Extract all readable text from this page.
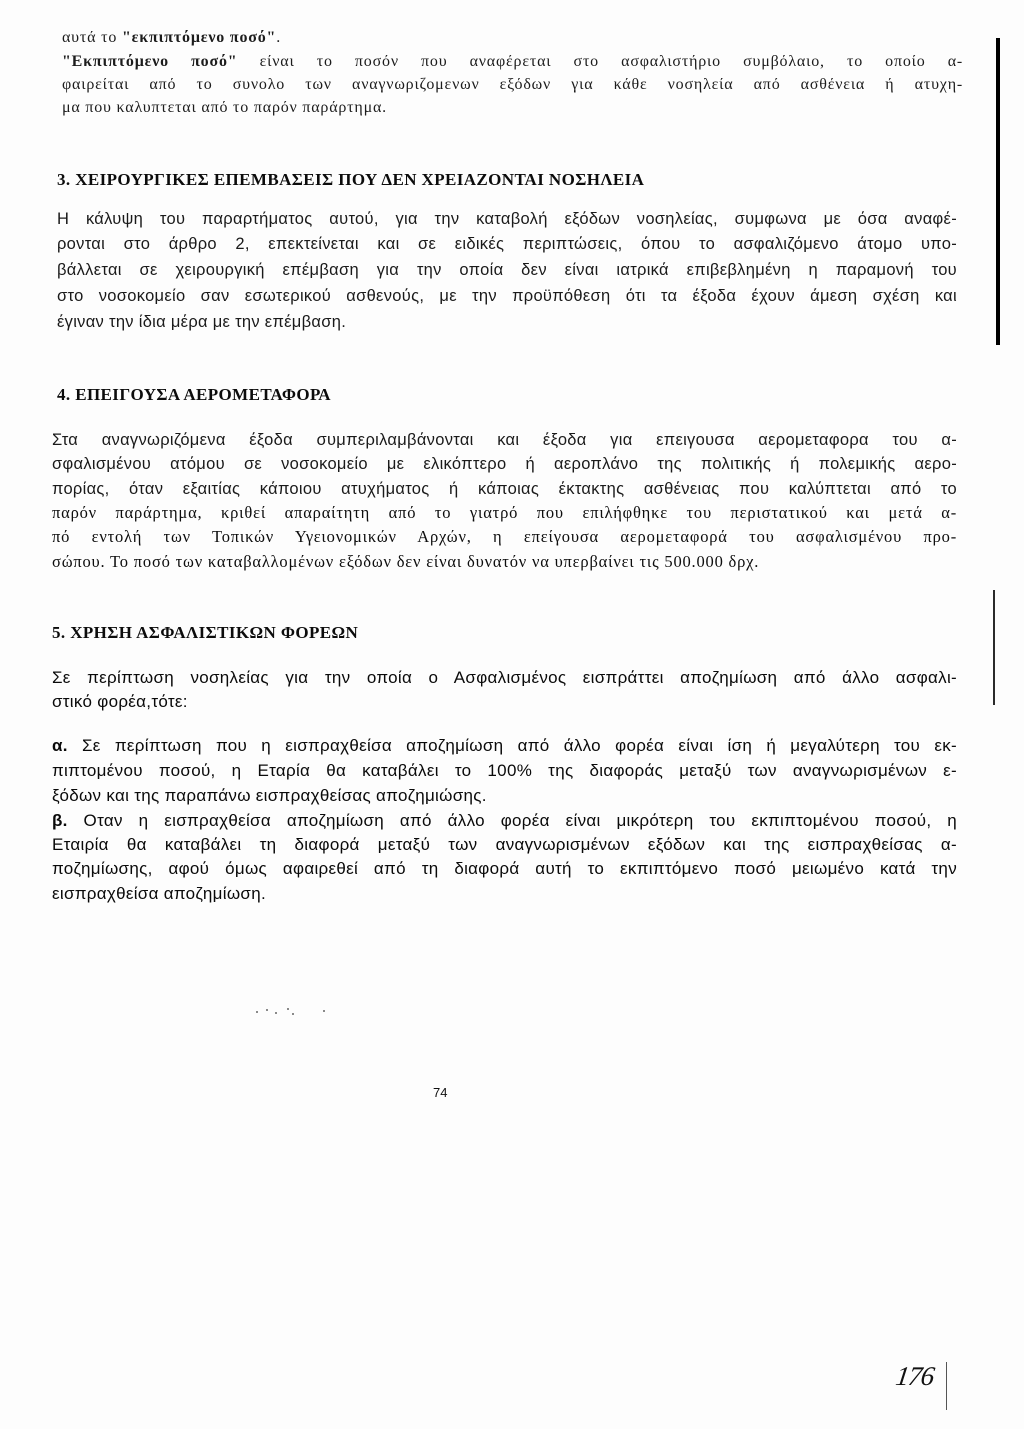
αυτά το "εκπιπτόμενο ποσό".
"Εκπιπτόμενο ποσό" είναι το ποσόν που αναφέρεται στο ασφαλιστήριο συμβόλαιο, το οποίο α-
φαιρείται από το συνολο των αναγνωριζομενων εξόδων για κάθε νοσηλεία από ασθένεια ή ατυχη-
μα που καλυπτεται από το παρόν παράρτημα.
3. ΧΕΙΡΟΥΡΓΙΚΕΣ ΕΠΕΜΒΑΣΕΙΣ ΠΟΥ ΔΕΝ ΧΡΕΙΑΖΟΝΤΑΙ ΝΟΣΗΛΕΙΑ
Η κάλυψη του παραρτήματος αυτού, για την καταβολή εξόδων νοσηλείας, συμφωνα με όσα αναφέ-
ρονται στο άρθρο 2, επεκτείνεται και σε ειδικές περιπτώσεις, όπου το ασφαλιζόμενο άτομο υπο-
βάλλεται σε χειρουργική επέμβαση για την οποία δεν είναι ιατρικά επιβεβλημένη η παραμονή του
στο νοσοκομείο σαν εσωτερικού ασθενούς, με την προϋπόθεση ότι τα έξοδα έχουν άμεση σχέση και
έγιναν την ίδια μέρα με την επέμβαση.
4. ΕΠΕΙΓΟΥΣΑ ΑΕΡΟΜΕΤΑΦΟΡΑ
Στα αναγνωριζόμενα έξοδα συμπεριλαμβάνονται και έξοδα για επειγουσα αερομεταφορα του α-
σφαλισμένου ατόμου σε νοσοκομείο με ελικόπτερο ή αεροπλάνο της πολιτικής ή πολεμικής αερο-
πορίας, όταν εξαιτίας κάποιου ατυχήματος ή κάποιας έκτακτης ασθένειας που καλύπτεται από το
παρόν παράρτημα, κριθεί απαραίτητη από το γιατρό που επιλήφθηκε του περιστατικού και μετά α-
πό εντολή των Τοπικών Υγειονομικών Αρχών, η επείγουσα αερομεταφορά του ασφαλισμένου προ-
σώπου. Το ποσό των καταβαλλομένων εξόδων δεν είναι δυνατόν να υπερβαίνει τις 500.000 δρχ.
5. ΧΡΗΣΗ ΑΣΦΑΛΙΣΤΙΚΩΝ ΦΟΡΕΩΝ
Σε περίπτωση νοσηλείας για την οποία ο Ασφαλισμένος εισπράττει αποζημίωση από άλλο ασφαλι-
στικό φορέα,τότε:
α. Σε περίπτωση που η εισπραχθείσα αποζημίωση από άλλο φορέα είναι ίση ή μεγαλύτερη του εκ-
πιπτομένου ποσού, η Εταρία θα καταβάλει το 100% της διαφοράς μεταξύ των αναγνωρισμένων ε-
ξόδων και της παραπάνω εισπραχθείσας αποζημιώσης.
β. Οταν η εισπραχθείσα αποζημίωση από άλλο φορέα είναι μικρότερη του εκπιπτομένου ποσού, η
Εταιρία θα καταβάλει τη διαφορά μεταξύ των αναγνωρισμένων εξόδων και της εισπραχθείσας α-
ποζημίωσης, αφού όμως αφαιρεθεί από τη διαφορά αυτή το εκπιπτόμενο ποσό μειωμένο κατά την
εισπραχθείσα αποζημίωση.
74
176
